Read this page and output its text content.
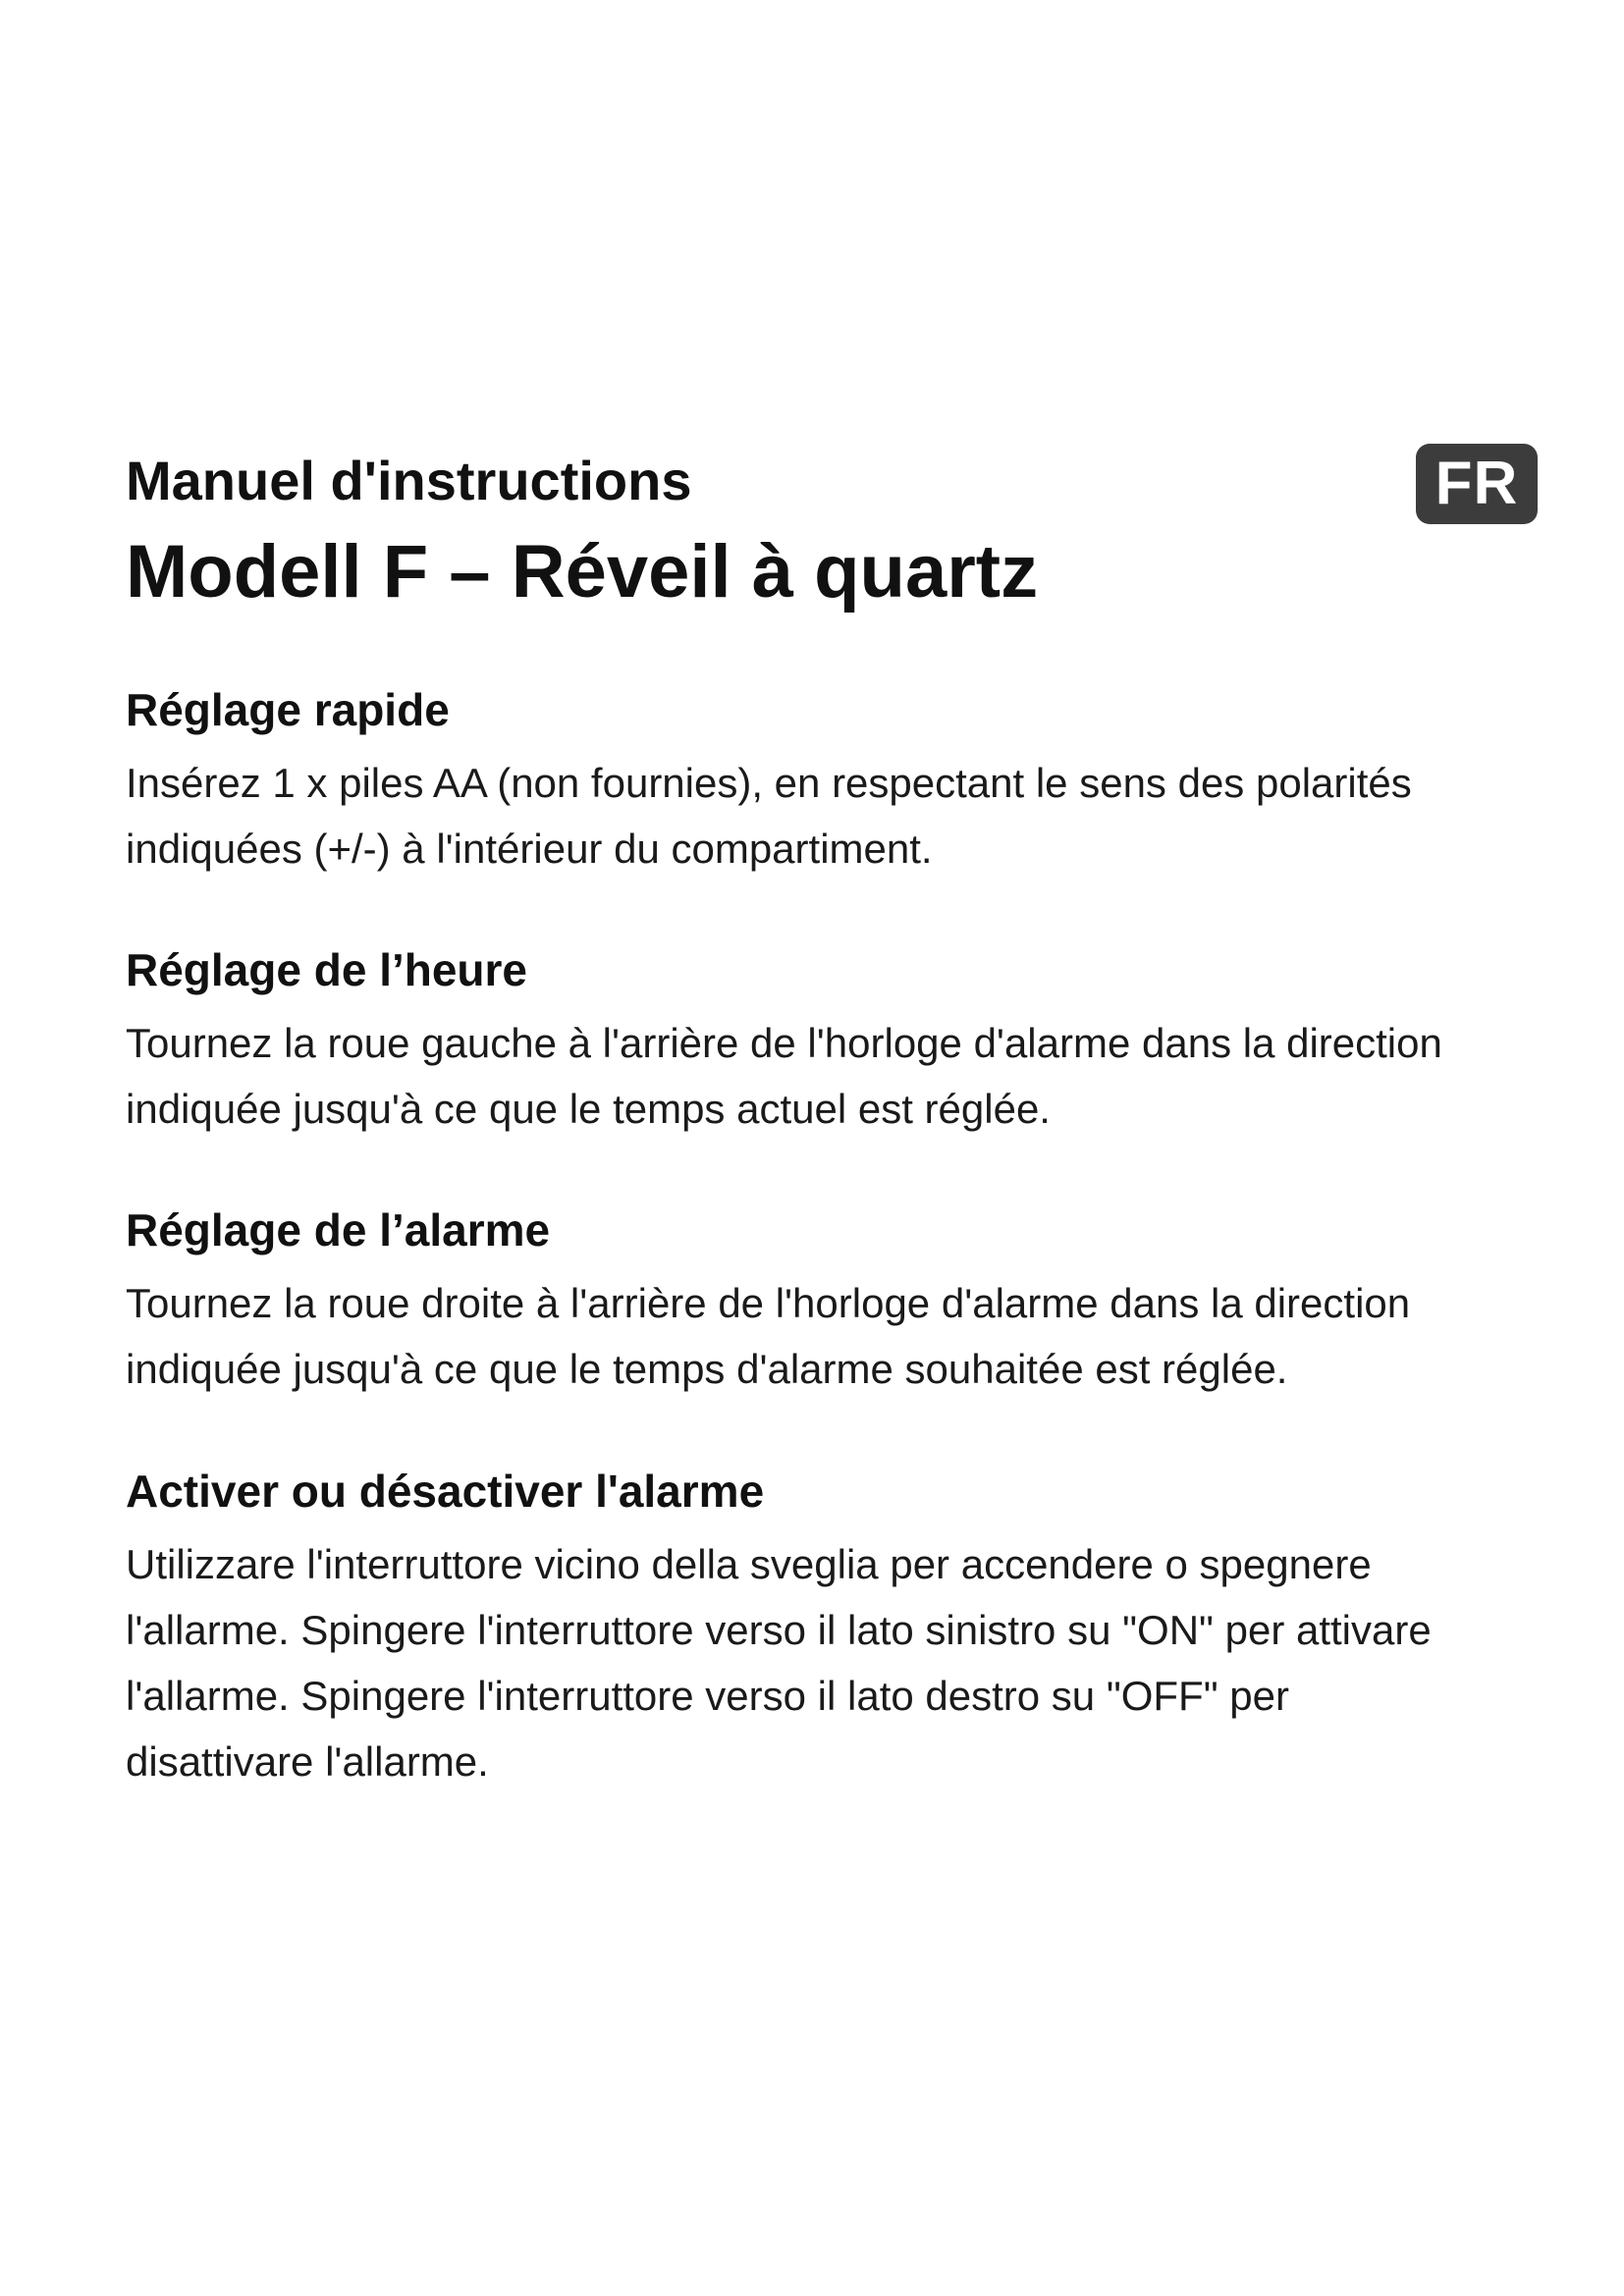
Manuel d'instructions
Modell F – Réveil à quartz
FR
Réglage rapide

Insérez 1 x piles AA (non fournies), en respectant le sens des polarités
indiquées (+/-) à l'intérieur du compartiment.

Réglage de l’heure

Tournez la roue gauche à l'arrière de l'horloge d'alarme dans la direction
indiquée jusqu'à ce que le temps actuel est réglée.

Réglage de l’alarme

Tournez la roue droite à l'arrière de l'horloge d'alarme dans la direction
indiquée jusqu'à ce que le temps d'alarme souhaitée est réglée.

Activer ou désactiver l'alarme

Utilizzare l'interruttore vicino della sveglia per accendere o spegnere
l'allarme. Spingere l'interruttore verso il lato sinistro su "ON" per attivare
l'allarme. Spingere l'interruttore verso il lato destro su "OFF" per
disattivare l'allarme.
